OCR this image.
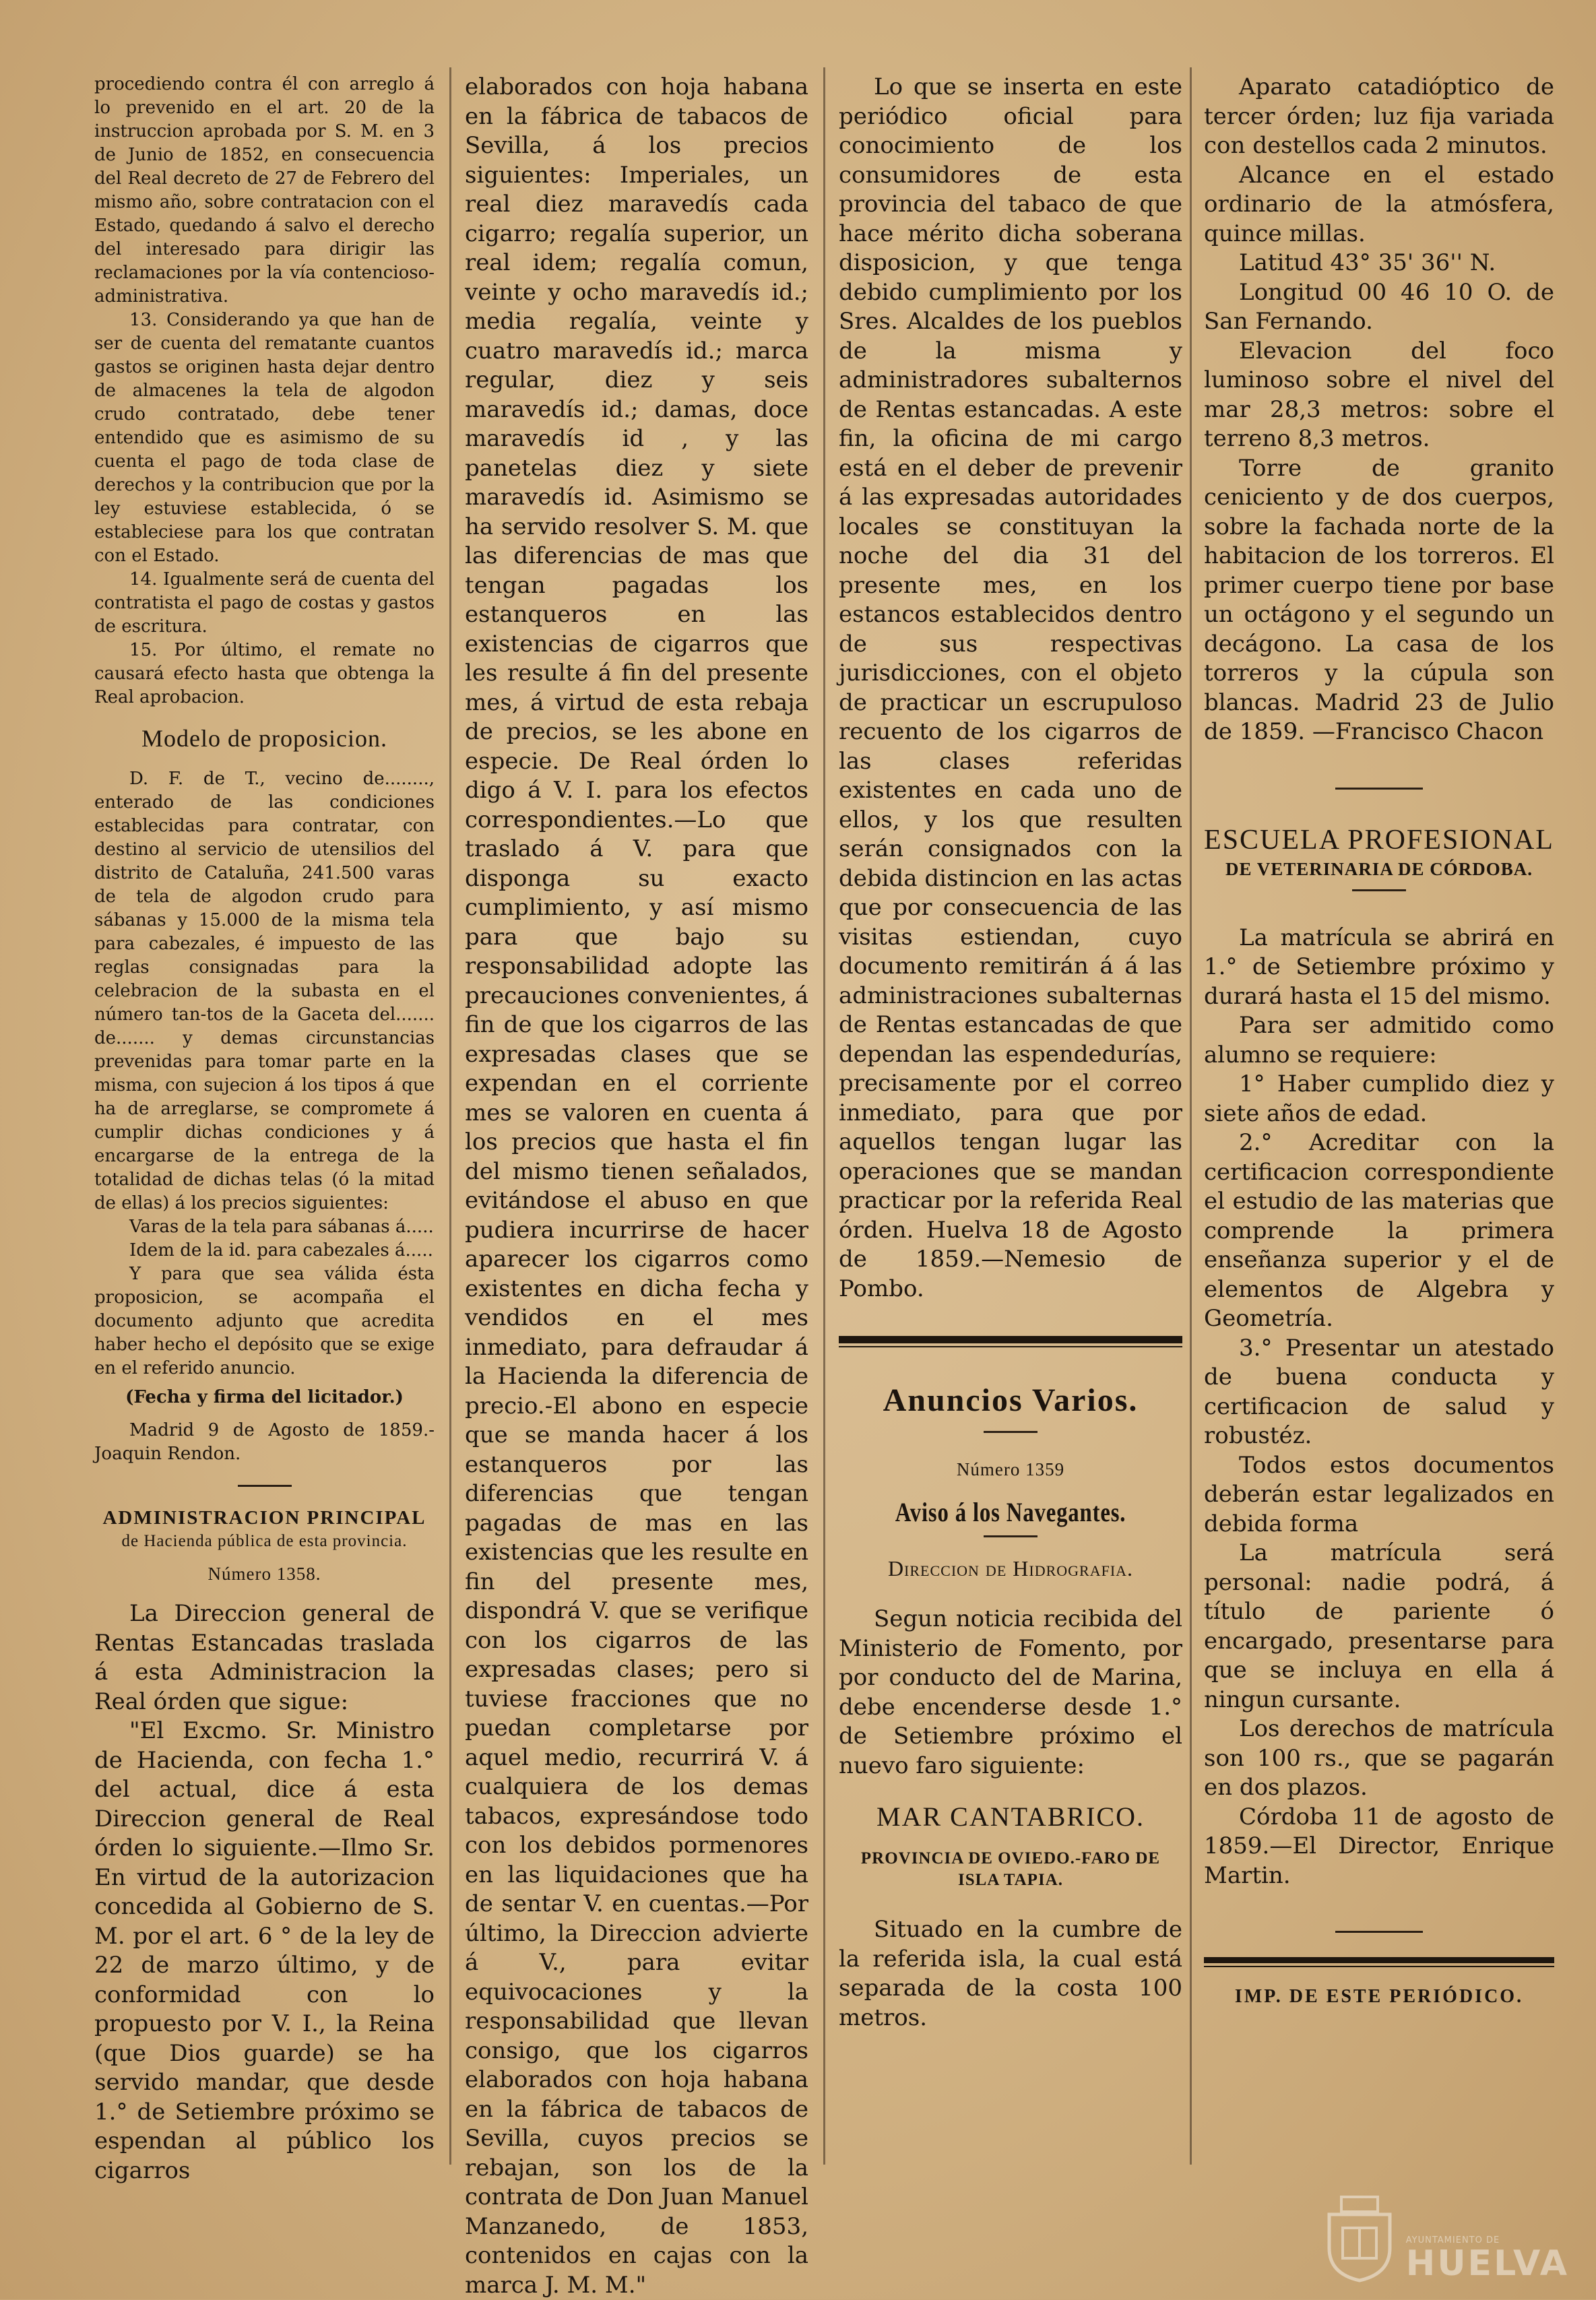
procediendo contra él con arreglo á lo prevenido en el art. 20 de la instruccion aprobada por S. M. en 3 de Junio de 1852, en consecuencia del Real decreto de 27 de Febrero del mismo año, sobre contratacion con el Estado, quedando á salvo el derecho del interesado para dirigir las reclamaciones por la vía contencioso-administrativa.

13. Considerando ya que han de ser de cuenta del rematante cuantos gastos se originen hasta dejar dentro de almacenes la tela de algodon crudo contratado, debe tener entendido que es asimismo de su cuenta el pago de toda clase de derechos y la contribucion que por la ley estuviese establecida, ó se estableciese para los que contratan con el Estado.

14. Igualmente será de cuenta del contratista el pago de costas y gastos de escritura.

15. Por último, el remate no causará efecto hasta que obtenga la Real aprobacion.

Modelo de proposicion.

D. F. de T., vecino de........, enterado de las condiciones establecidas para contratar, con destino al servicio de utensilios del distrito de Cataluña, 241.500 varas de tela de algodon crudo para sábanas y 15.000 de la misma tela para cabezales, é impuesto de las reglas consignadas para la celebracion de la subasta en el número tan-tos de la Gaceta del....... de....... y demas circunstancias prevenidas para tomar parte en la misma, con sujecion á los tipos á que ha de arreglarse, se compromete á cumplir dichas condiciones y á encargarse de la entrega de la totalidad de dichas telas (ó la mitad de ellas) á los precios siguientes:

Varas de la tela para sábanas á.....

Idem de la id. para cabezales á.....

Y para que sea válida ésta proposicion, se acompaña el documento adjunto que acredita haber hecho el depósito que se exige en el referido anuncio.

(Fecha y firma del licitador.)

Madrid 9 de Agosto de 1859.-Joaquin Rendon.

ADMINISTRACION PRINCIPAL
de Hacienda pública de esta provincia.
Número 1358.

La Direccion general de Rentas Estancadas traslada á esta Administracion la Real órden que sigue:

"El Excmo. Sr. Ministro de Hacienda, con fecha 1.° del actual, dice á esta Direccion general de Real órden lo siguiente.—Ilmo Sr. En virtud de la autorizacion concedida al Gobierno de S. M. por el art. 6 ° de la ley de 22 de marzo último, y de conformidad con lo propuesto por V. I., la Reina (que Dios guarde) se ha servido mandar, que desde 1.° de Setiembre próximo se espendan al público los cigarros

elaborados con hoja habana en la fábrica de tabacos de Sevilla, á los precios siguientes: Imperiales, un real diez maravedís cada cigarro; regalía superior, un real idem; regalía comun, veinte y ocho maravedís id.; media regalía, veinte y cuatro maravedís id.; marca regular, diez y seis maravedís id.; damas, doce maravedís id , y las panetelas diez y siete maravedís id. Asimismo se ha servido resolver S. M. que las diferencias de mas que tengan pagadas los estanqueros en las existencias de cigarros que les resulte á fin del presente mes, á virtud de esta rebaja de precios, se les abone en especie. De Real órden lo digo á V. I. para los efectos correspondientes.—Lo que traslado á V. para que disponga su exacto cumplimiento, y así mismo para que bajo su responsabilidad adopte las precauciones convenientes, á fin de que los cigarros de las expresadas clases que se expendan en el corriente mes se valoren en cuenta á los precios que hasta el fin del mismo tienen señalados, evitándose el abuso en que pudiera incurrirse de hacer aparecer los cigarros como existentes en dicha fecha y vendidos en el mes inmediato, para defraudar á la Hacienda la diferencia de precio.-El abono en especie que se manda hacer á los estanqueros por las diferencias que tengan pagadas de mas en las existencias que les resulte en fin del presente mes, dispondrá V. que se verifique con los cigarros de las expresadas clases; pero si tuviese fracciones que no puedan completarse por aquel medio, recurrirá V. á cualquiera de los demas tabacos, expresándose todo con los debidos pormenores en las liquidaciones que ha de sentar V. en cuentas.—Por último, la Direccion advierte á V., para evitar equivocaciones y la responsabilidad que llevan consigo, que los cigarros elaborados con hoja habana en la fábrica de tabacos de Sevilla, cuyos precios se rebajan, son los de la contrata de Don Juan Manuel Manzanedo, de 1853, contenidos en cajas con la marca J. M. M."

Lo que se inserta en este periódico oficial para conocimiento de los consumidores de esta provincia del tabaco de que hace mérito dicha soberana disposicion, y que tenga debido cumplimiento por los Sres. Alcaldes de los pueblos de la misma y administradores subalternos de Rentas estancadas. A este fin, la oficina de mi cargo está en el deber de prevenir á las expresadas autoridades locales se constituyan la noche del dia 31 del presente mes, en los estancos establecidos dentro de sus respectivas jurisdicciones, con el objeto de practicar un escrupuloso recuento de los cigarros de las clases referidas existentes en cada uno de ellos, y los que resulten serán consignados con la debida distincion en las actas que por consecuencia de las visitas estiendan, cuyo documento remitirán á á las administraciones subalternas de Rentas estancadas de que dependan las espendedurías, precisamente por el correo inmediato, para que por aquellos tengan lugar las operaciones que se mandan practicar por la referida Real órden. Huelva 18 de Agosto de 1859.—Nemesio de Pombo.

Anuncios Varios.
Número 1359
Aviso á los Navegantes.
Direccion de Hidrografia.

Segun noticia recibida del Ministerio de Fomento, por por conducto del de Marina, debe encenderse desde 1.° de Setiembre próximo el nuevo faro siguiente:

MAR CANTABRICO.
PROVINCIA DE OVIEDO.-FARO DE ISLA TAPIA.

Situado en la cumbre de la referida isla, la cual está separada de la costa 100 metros.

Aparato catadióptico de tercer órden; luz fija variada con destellos cada 2 minutos.

Alcance en el estado ordinario de la atmósfera, quince millas.

Latitud 43° 35' 36'' N.

Longitud 00 46 10 O. de San Fernando.

Elevacion del foco luminoso sobre el nivel del mar 28,3 metros: sobre el terreno 8,3 metros.

Torre de granito ceniciento y de dos cuerpos, sobre la fachada norte de la habitacion de los torreros. El primer cuerpo tiene por base un octágono y el segundo un decágono. La casa de los torreros y la cúpula son blancas. Madrid 23 de Julio de 1859. —Francisco Chacon

ESCUELA PROFESIONAL
DE VETERINARIA DE CÓRDOBA.

La matrícula se abrirá en 1.° de Setiembre próximo y durará hasta el 15 del mismo.

Para ser admitido como alumno se requiere:

1° Haber cumplido diez y siete años de edad.

2.° Acreditar con la certificacion correspondiente el estudio de las materias que comprende la primera enseñanza superior y el de elementos de Algebra y Geometría.

3.° Presentar un atestado de buena conducta y certificacion de salud y robustéz.

Todos estos documentos deberán estar legalizados en debida forma

La matrícula será personal: nadie podrá, á título de pariente ó encargado, presentarse para que se incluya en ella á ningun cursante.

Los derechos de matrícula son 100 rs., que se pagarán en dos plazos.

Córdoba 11 de agosto de 1859.—El Director, Enrique Martin.

IMP. DE ESTE PERIÓDICO.
AYUNTAMIENTO DE
HUELVA
